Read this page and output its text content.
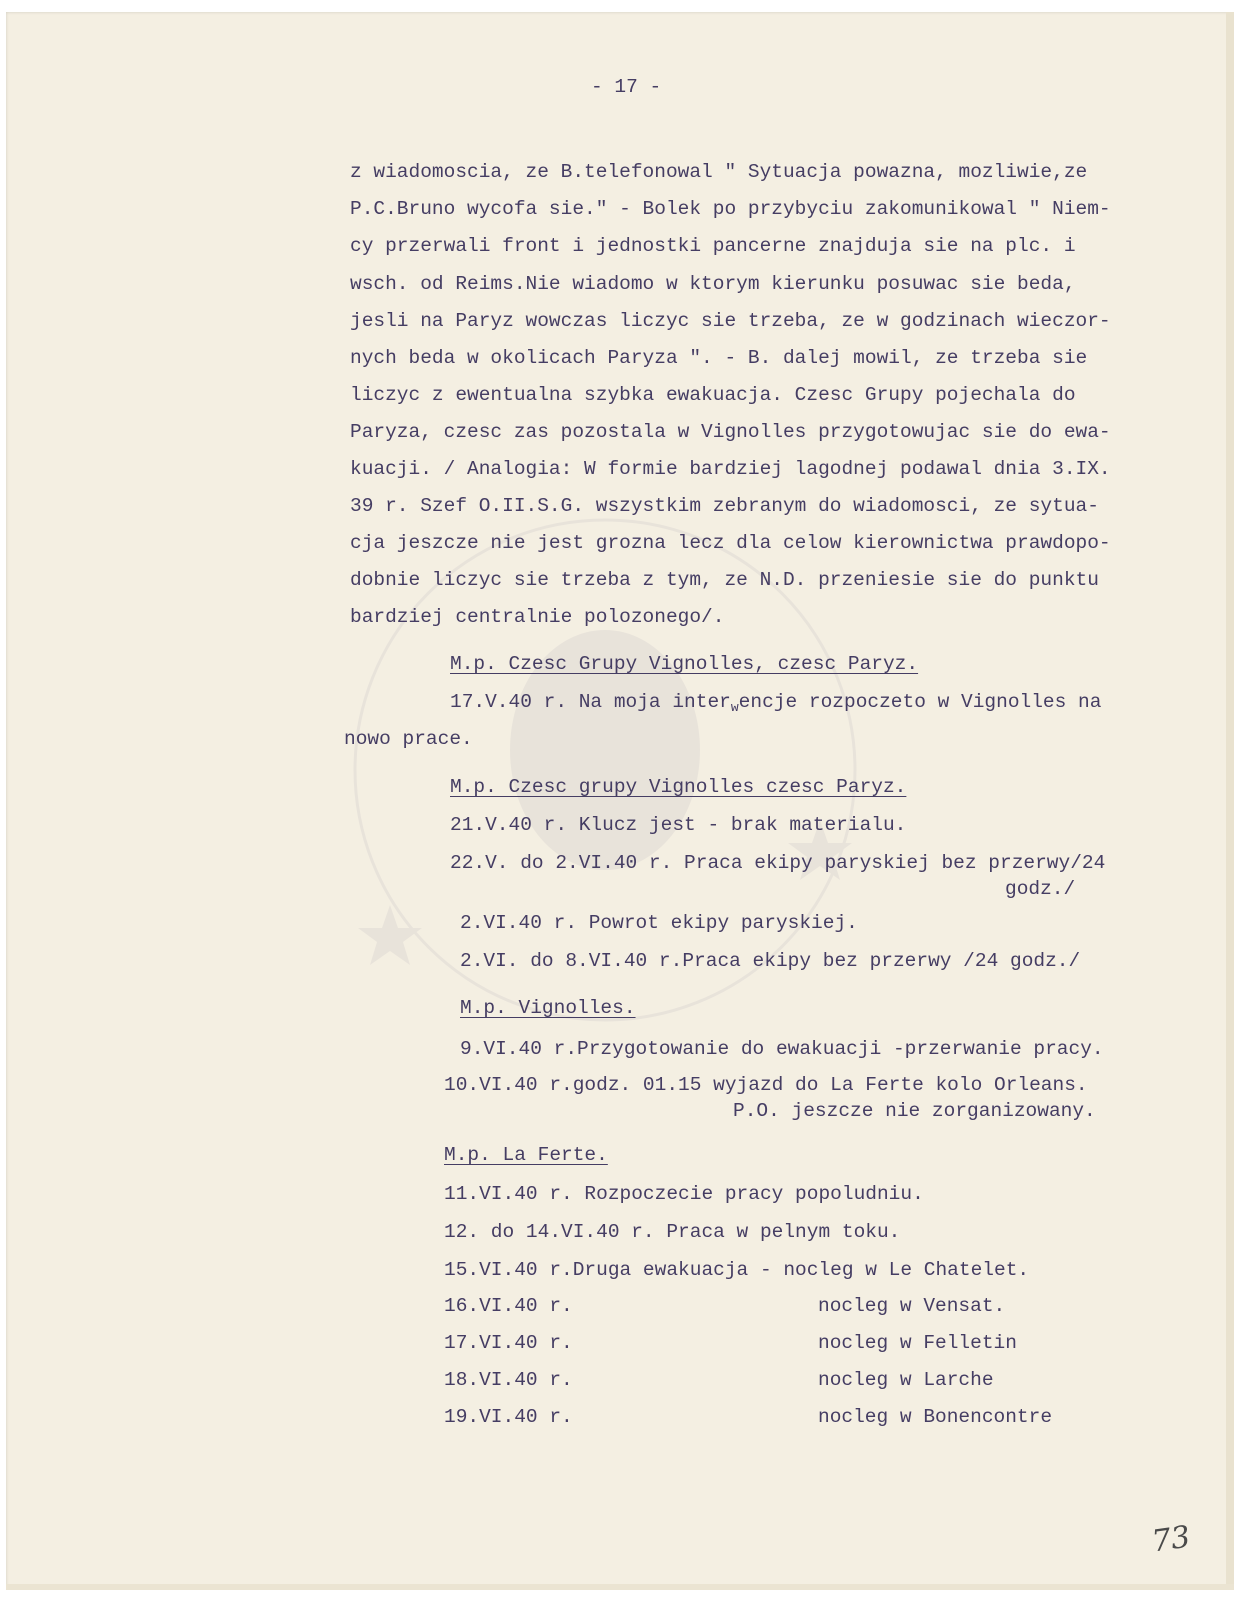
- 17 -
z wiadomoscia, ze B.telefonowal " Sytuacja powazna, mozliwie,ze
P.C.Bruno wycofa sie." - Bolek po przybyciu zakomunikowal " Niem-
cy przerwali front i jednostki pancerne znajduja sie na plc. i
wsch. od Reims.Nie wiadomo w ktorym kierunku posuwac sie beda,
jesli na Paryz wowczas liczyc sie trzeba, ze w godzinach wieczor-
nych beda w okolicach Paryza ". - B. dalej mowil, ze trzeba sie
liczyc z ewentualna szybka ewakuacja. Czesc Grupy pojechala do
Paryza, czesc zas pozostala w Vignolles przygotowujac sie do ewa-
kuacji. / Analogia: W formie bardziej lagodnej podawal dnia 3.IX.
39 r. Szef O.II.S.G. wszystkim zebranym do wiadomosci, ze sytua-
cja jeszcze nie jest grozna lecz dla celow kierownictwa prawdopo-
dobnie liczyc sie trzeba z tym, ze N.D. przeniesie sie do punktu
bardziej centralnie polozonego/.
M.p. Czesc Grupy Vignolles, czesc Paryz.
17.V.40 r. Na moja inter$_w$encje rozpoczeto w Vignolles na
nowo prace.
M.p. Czesc grupy Vignolles czesc Paryz.
21.V.40 r. Klucz jest - brak materialu.
22.V. do 2.VI.40 r. Praca ekipy paryskiej bez przerwy/24
godz./
2.VI.40 r. Powrot ekipy paryskiej.
2.VI. do 8.VI.40 r.Praca ekipy bez przerwy /24 godz./
M.p. Vignolles.
9.VI.40 r.Przygotowanie do ewakuacji -przerwanie pracy.
10.VI.40 r.godz. 01.15 wyjazd do La Ferte kolo Orleans.
P.O. jeszcze nie zorganizowany.
M.p. La Ferte.
11.VI.40 r. Rozpoczecie pracy popoludniu.
12. do 14.VI.40 r. Praca w pelnym toku.
15.VI.40 r.Druga ewakuacja - nocleg w Le Chatelet.
16.VI.40 r.	nocleg w Vensat.
17.VI.40 r.	nocleg w Felletin
18.VI.40 r.	nocleg w Larche
19.VI.40 r.	nocleg w Bonencontre
73
